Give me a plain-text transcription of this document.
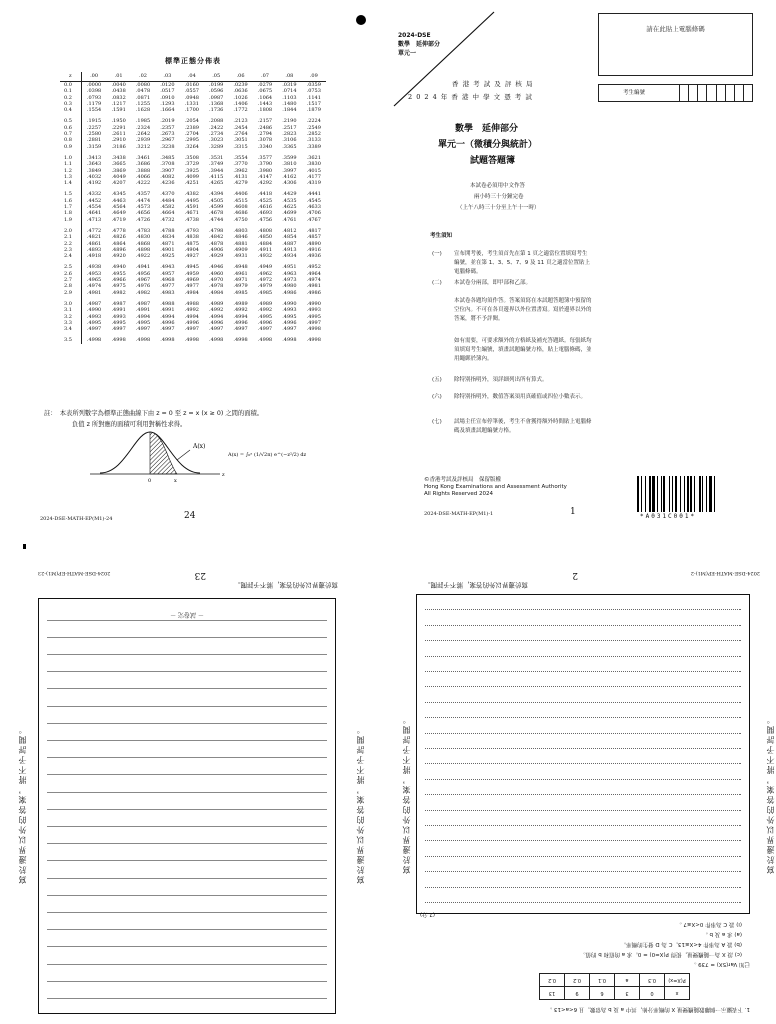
標準正態分佈表
z	.00	.01	.02	.03	.04	.05	.06	.07	.08	.09
0.0	.0000	.0040	.0080	.0120	.0160	.0199	.0239	.0279	.0319	.0359
0.1	.0398	.0438	.0478	.0517	.0557	.0596	.0636	.0675	.0714	.0753
0.2	.0793	.0832	.0871	.0910	.0948	.0987	.1026	.1064	.1103	.1141
0.3	.1179	.1217	.1255	.1293	.1331	.1368	.1406	.1443	.1480	.1517
0.4	.1554	.1591	.1628	.1664	.1700	.1736	.1772	.1808	.1844	.1879

0.5	.1915	.1950	.1985	.2019	.2054	.2088	.2123	.2157	.2190	.2224
0.6	.2257	.2291	.2324	.2357	.2389	.2422	.2454	.2486	.2517	.2549
0.7	.2580	.2611	.2642	.2673	.2704	.2734	.2764	.2794	.2823	.2852
0.8	.2881	.2910	.2939	.2967	.2995	.3023	.3051	.3078	.3106	.3133
0.9	.3159	.3186	.3212	.3238	.3264	.3289	.3315	.3340	.3365	.3389

1.0	.3413	.3438	.3461	.3485	.3508	.3531	.3554	.3577	.3599	.3621
1.1	.3643	.3665	.3686	.3708	.3729	.3749	.3770	.3790	.3810	.3830
1.2	.3849	.3869	.3888	.3907	.3925	.3944	.3962	.3980	.3997	.4015
1.3	.4032	.4049	.4066	.4082	.4099	.4115	.4131	.4147	.4162	.4177
1.4	.4192	.4207	.4222	.4236	.4251	.4265	.4279	.4292	.4306	.4319

1.5	.4332	.4345	.4357	.4370	.4382	.4394	.4406	.4418	.4429	.4441
1.6	.4452	.4463	.4474	.4484	.4495	.4505	.4515	.4525	.4535	.4545
1.7	.4554	.4564	.4573	.4582	.4591	.4599	.4608	.4616	.4625	.4633
1.8	.4641	.4649	.4656	.4664	.4671	.4678	.4686	.4693	.4699	.4706
1.9	.4713	.4719	.4726	.4732	.4738	.4744	.4750	.4756	.4761	.4767

2.0	.4772	.4778	.4783	.4788	.4793	.4798	.4803	.4808	.4812	.4817
2.1	.4821	.4826	.4830	.4834	.4838	.4842	.4846	.4850	.4854	.4857
2.2	.4861	.4864	.4868	.4871	.4875	.4878	.4881	.4884	.4887	.4890
2.3	.4893	.4896	.4898	.4901	.4904	.4906	.4909	.4911	.4913	.4916
2.4	.4918	.4920	.4922	.4925	.4927	.4929	.4931	.4932	.4934	.4936

2.5	.4938	.4940	.4941	.4943	.4945	.4946	.4948	.4949	.4951	.4952
2.6	.4953	.4955	.4956	.4957	.4959	.4960	.4961	.4962	.4963	.4964
2.7	.4965	.4966	.4967	.4968	.4969	.4970	.4971	.4972	.4973	.4974
2.8	.4974	.4975	.4976	.4977	.4977	.4978	.4979	.4979	.4980	.4981
2.9	.4981	.4982	.4982	.4983	.4984	.4984	.4985	.4985	.4986	.4986

3.0	.4987	.4987	.4987	.4988	.4988	.4989	.4989	.4989	.4990	.4990
3.1	.4990	.4991	.4991	.4991	.4992	.4992	.4992	.4992	.4993	.4993
3.2	.4993	.4993	.4994	.4994	.4994	.4994	.4994	.4995	.4995	.4995
3.3	.4995	.4995	.4995	.4996	.4996	.4996	.4996	.4996	.4996	.4997
3.4	.4997	.4997	.4997	.4997	.4997	.4997	.4997	.4997	.4997	.4998

3.5	.4998	.4998	.4998	.4998	.4998	.4998	.4998	.4998	.4998	.4998
註：　本表所列數字為標準正態曲線下由 z = 0 至 z = x (x ≥ 0) 之間的面積。
負值 z 所對應的面積可利用對稱性求得。
A(x)
0	x
z
A(x) = ∫₀ˣ (1/√2π) e^(−z²/2) dz
2024-DSE-MATH-EP(M1)-24	24
2024-DSE
數學　延伸部分
單元一
香 港 考 試 及 評 核 局
2 0 2 4 年 香 港 中 學 文 憑 考 試
數學　延伸部分
單元一（微積分與統計）
試題答題簿
本試卷必須用中文作答
兩小時三十分鐘完卷
（上午八時三十分至上午十一時）
請在此貼上電腦條碼
考生編號
考生須知
(一) 宣布開考後，考生須首先在第 1 頁之適當位置填寫考生編號，並在第 1、3、5、7、9 及 11 頁之適當位置貼上電腦條碼。
(二) 本試卷分兩部，即甲部和乙部。
本試卷各題均須作答。答案須寫在本試題答題簿中預留的空位內。不可在各頁邊界以外位置書寫。寫於邊界以外的答案，將不予評閱。
如有需要，可要求額外的方格紙及補充答題紙。每張紙均須填寫考生編號，填畫試題編號方格，貼上電腦條碼，並用繩綁於簿內。
(五) 除特別指明外，須詳細列出所有算式。
(六) 除特別指明外，數值答案須用真確值或四位小數表示。
(七) 試場主任宣布停筆後，考生不會獲得額外時間貼上電腦條碼及填畫試題編號方格。
©香港考試及評核局　保留版權
Hong Kong Examinations and Assessment Authority
All Rights Reserved 2024
2024-DSE-MATH-EP(M1)-1	1	*A031C001*
2024-DSE-MATH-EP(M1)-23	23
寫於邊界以外的答案，將不予評閱。
－ 試卷完 －
寫於邊界以外的答案，將不予評閱。
寫於邊界以外的答案，將不予評閱。
2024-DSE-MATH-EP(M1)-2
2
寫於邊界以外的答案，將不予評閱。
1. 下表顯示一個離散隨機變量 X 的概率分佈，其中 a 及 b 為常數，且 6<a<13 。
x	0	3	6	9	13
P(X=x)	0.3	a	0.1	0.2	0.2
已知 Var(5X) = 739 。
(c) 設 X 為一隨機變量，使得 P(X=0) = 0。求 a 的值和 b 的值。
(b) 設 A 為事件 4<X≤13，C 為 D 發生的概率。
(a) 求 a 及 b 。
(i) 設 C 為事件 0<X≤7 。
(7 分)
寫於邊界以外的答案，將不予評閱。
寫於邊界以外的答案，將不予評閱。
